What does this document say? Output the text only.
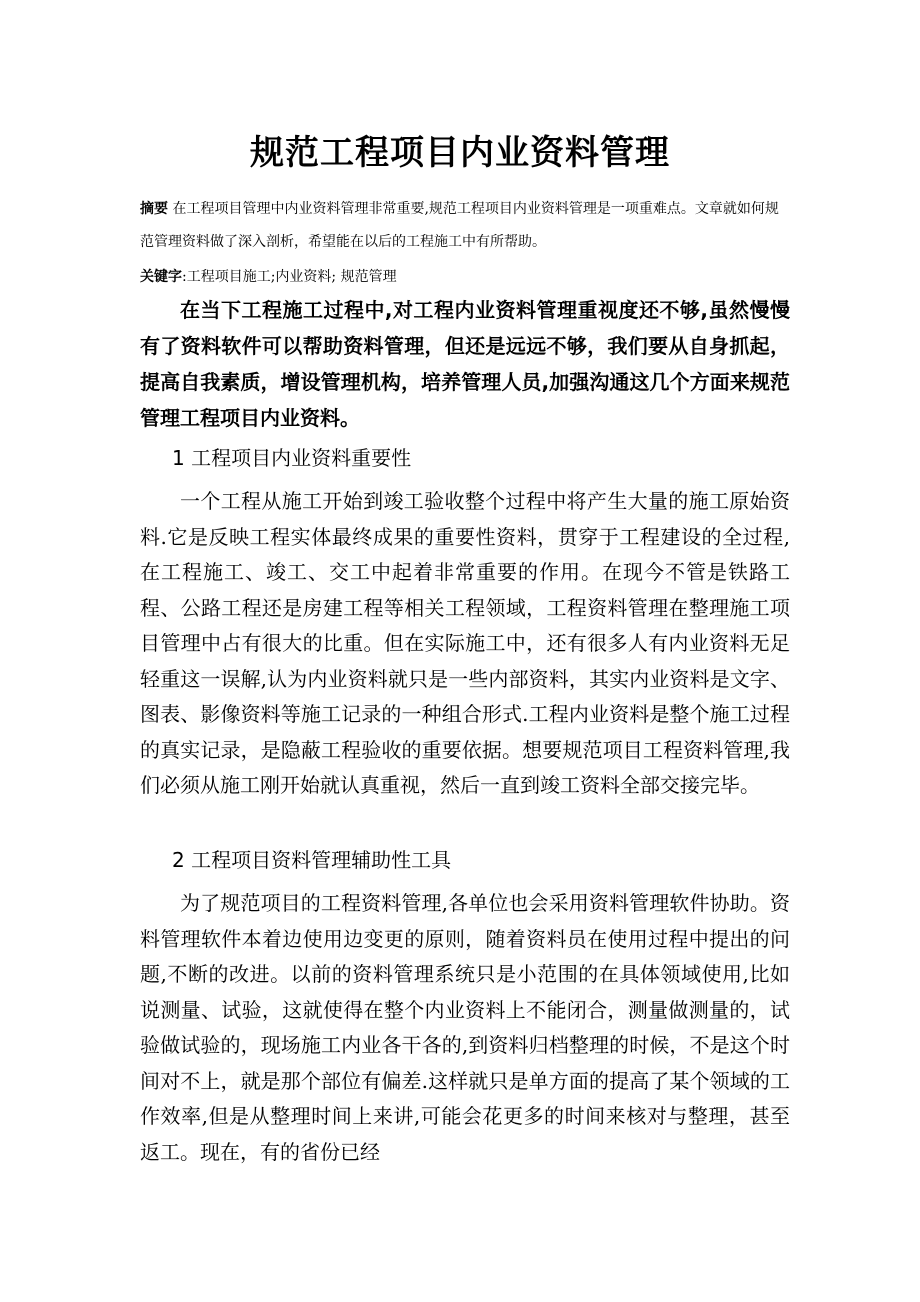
规范工程项目内业资料管理

摘要 在工程项目管理中内业资料管理非常重要,规范工程项目内业资料管理是一项重难点。文章就如何规范管理资料做了深入剖析，希望能在以后的工程施工中有所帮助。

关键字:工程项目施工;内业资料; 规范管理

在当下工程施工过程中,对工程内业资料管理重视度还不够,虽然慢慢有了资料软件可以帮助资料管理，但还是远远不够，我们要从自身抓起，提高自我素质，增设管理机构，培养管理人员,加强沟通这几个方面来规范管理工程项目内业资料。

1 工程项目内业资料重要性

一个工程从施工开始到竣工验收整个过程中将产生大量的施工原始资料.它是反映工程实体最终成果的重要性资料，贯穿于工程建设的全过程,在工程施工、竣工、交工中起着非常重要的作用。在现今不管是铁路工程、公路工程还是房建工程等相关工程领域，工程资料管理在整理施工项目管理中占有很大的比重。但在实际施工中，还有很多人有内业资料无足轻重这一误解,认为内业资料就只是一些内部资料，其实内业资料是文字、图表、影像资料等施工记录的一种组合形式.工程内业资料是整个施工过程的真实记录，是隐蔽工程验收的重要依据。想要规范项目工程资料管理,我们必须从施工刚开始就认真重视，然后一直到竣工资料全部交接完毕。

2 工程项目资料管理辅助性工具

为了规范项目的工程资料管理,各单位也会采用资料管理软件协助。资料管理软件本着边使用边变更的原则，随着资料员在使用过程中提出的问题,不断的改进。以前的资料管理系统只是小范围的在具体领域使用,比如说测量、试验，这就使得在整个内业资料上不能闭合，测量做测量的，试验做试验的，现场施工内业各干各的,到资料归档整理的时候，不是这个时间对不上，就是那个部位有偏差.这样就只是单方面的提高了某个领域的工作效率,但是从整理时间上来讲,可能会花更多的时间来核对与整理，甚至返工。现在，有的省份已经
